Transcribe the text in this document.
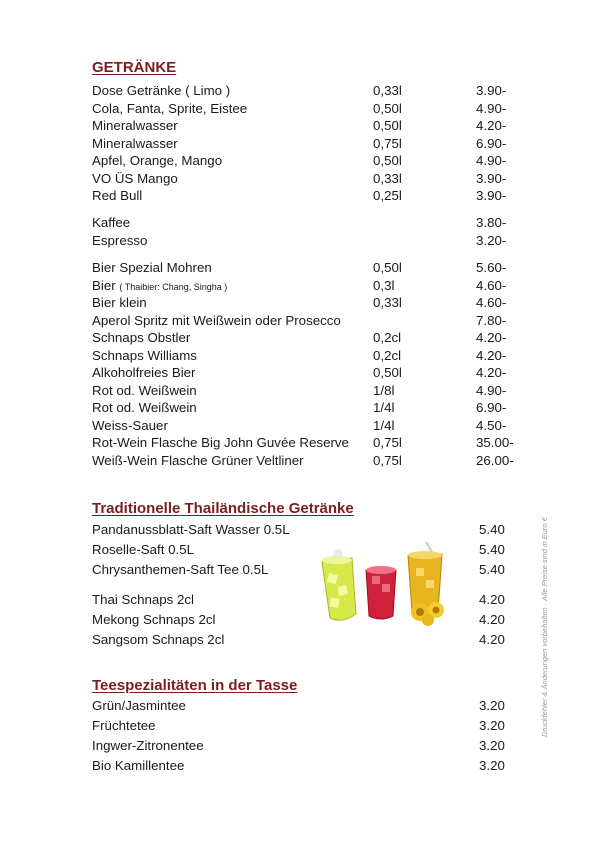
GETRÄNKE
Dose Getränke ( Limo )	0,33l	3.90-
Cola, Fanta, Sprite, Eistee	0,50l	4.90-
Mineralwasser	0,50l	4.20-
Mineralwasser	0,75l	6.90-
Apfel, Orange, Mango	0,50l	4.90-
VO ÜS Mango	0,33l	3.90-
Red Bull	0,25l	3.90-
Kaffee	3.80-
Espresso	3.20-
Bier Spezial Mohren	0,50l	5.60-
Bier ( Thaibier: Chang, Singha )	0,3l	4.60-
Bier klein	0,33l	4.60-
Aperol Spritz mit Weißwein oder Prosecco	7.80-
Schnaps Obstler	0,2cl	4.20-
Schnaps Williams	0,2cl	4.20-
Alkoholfreies Bier	0,50l	4.20-
Rot od. Weißwein	1/8l	4.90-
Rot od. Weißwein	1/4l	6.90-
Weiss-Sauer	1/4l	4.50-
Rot-Wein Flasche Big John Guvée Reserve 0,75l	35.00-
Weiß-Wein Flasche Grüner Veltliner	0,75l	26.00-
Traditionelle Thailändische Getränke
Pandanussblatt-Saft Wasser 0.5L	5.40
Roselle-Saft 0.5L	5.40
Chrysanthemen-Saft Tee 0.5L	5.40
Thai Schnaps 2cl	4.20
Mekong Schnaps 2cl	4.20
Sangsom Schnaps 2cl	4.20
Teespezialitäten in der Tasse
Grün/Jasmintee	3.20
Früchtetee	3.20
Ingwer-Zitronentee	3.20
Bio Kamillentee	3.20
Druckfehler & Änderungen vorbehalten · Alle Preise sind in Euro €
